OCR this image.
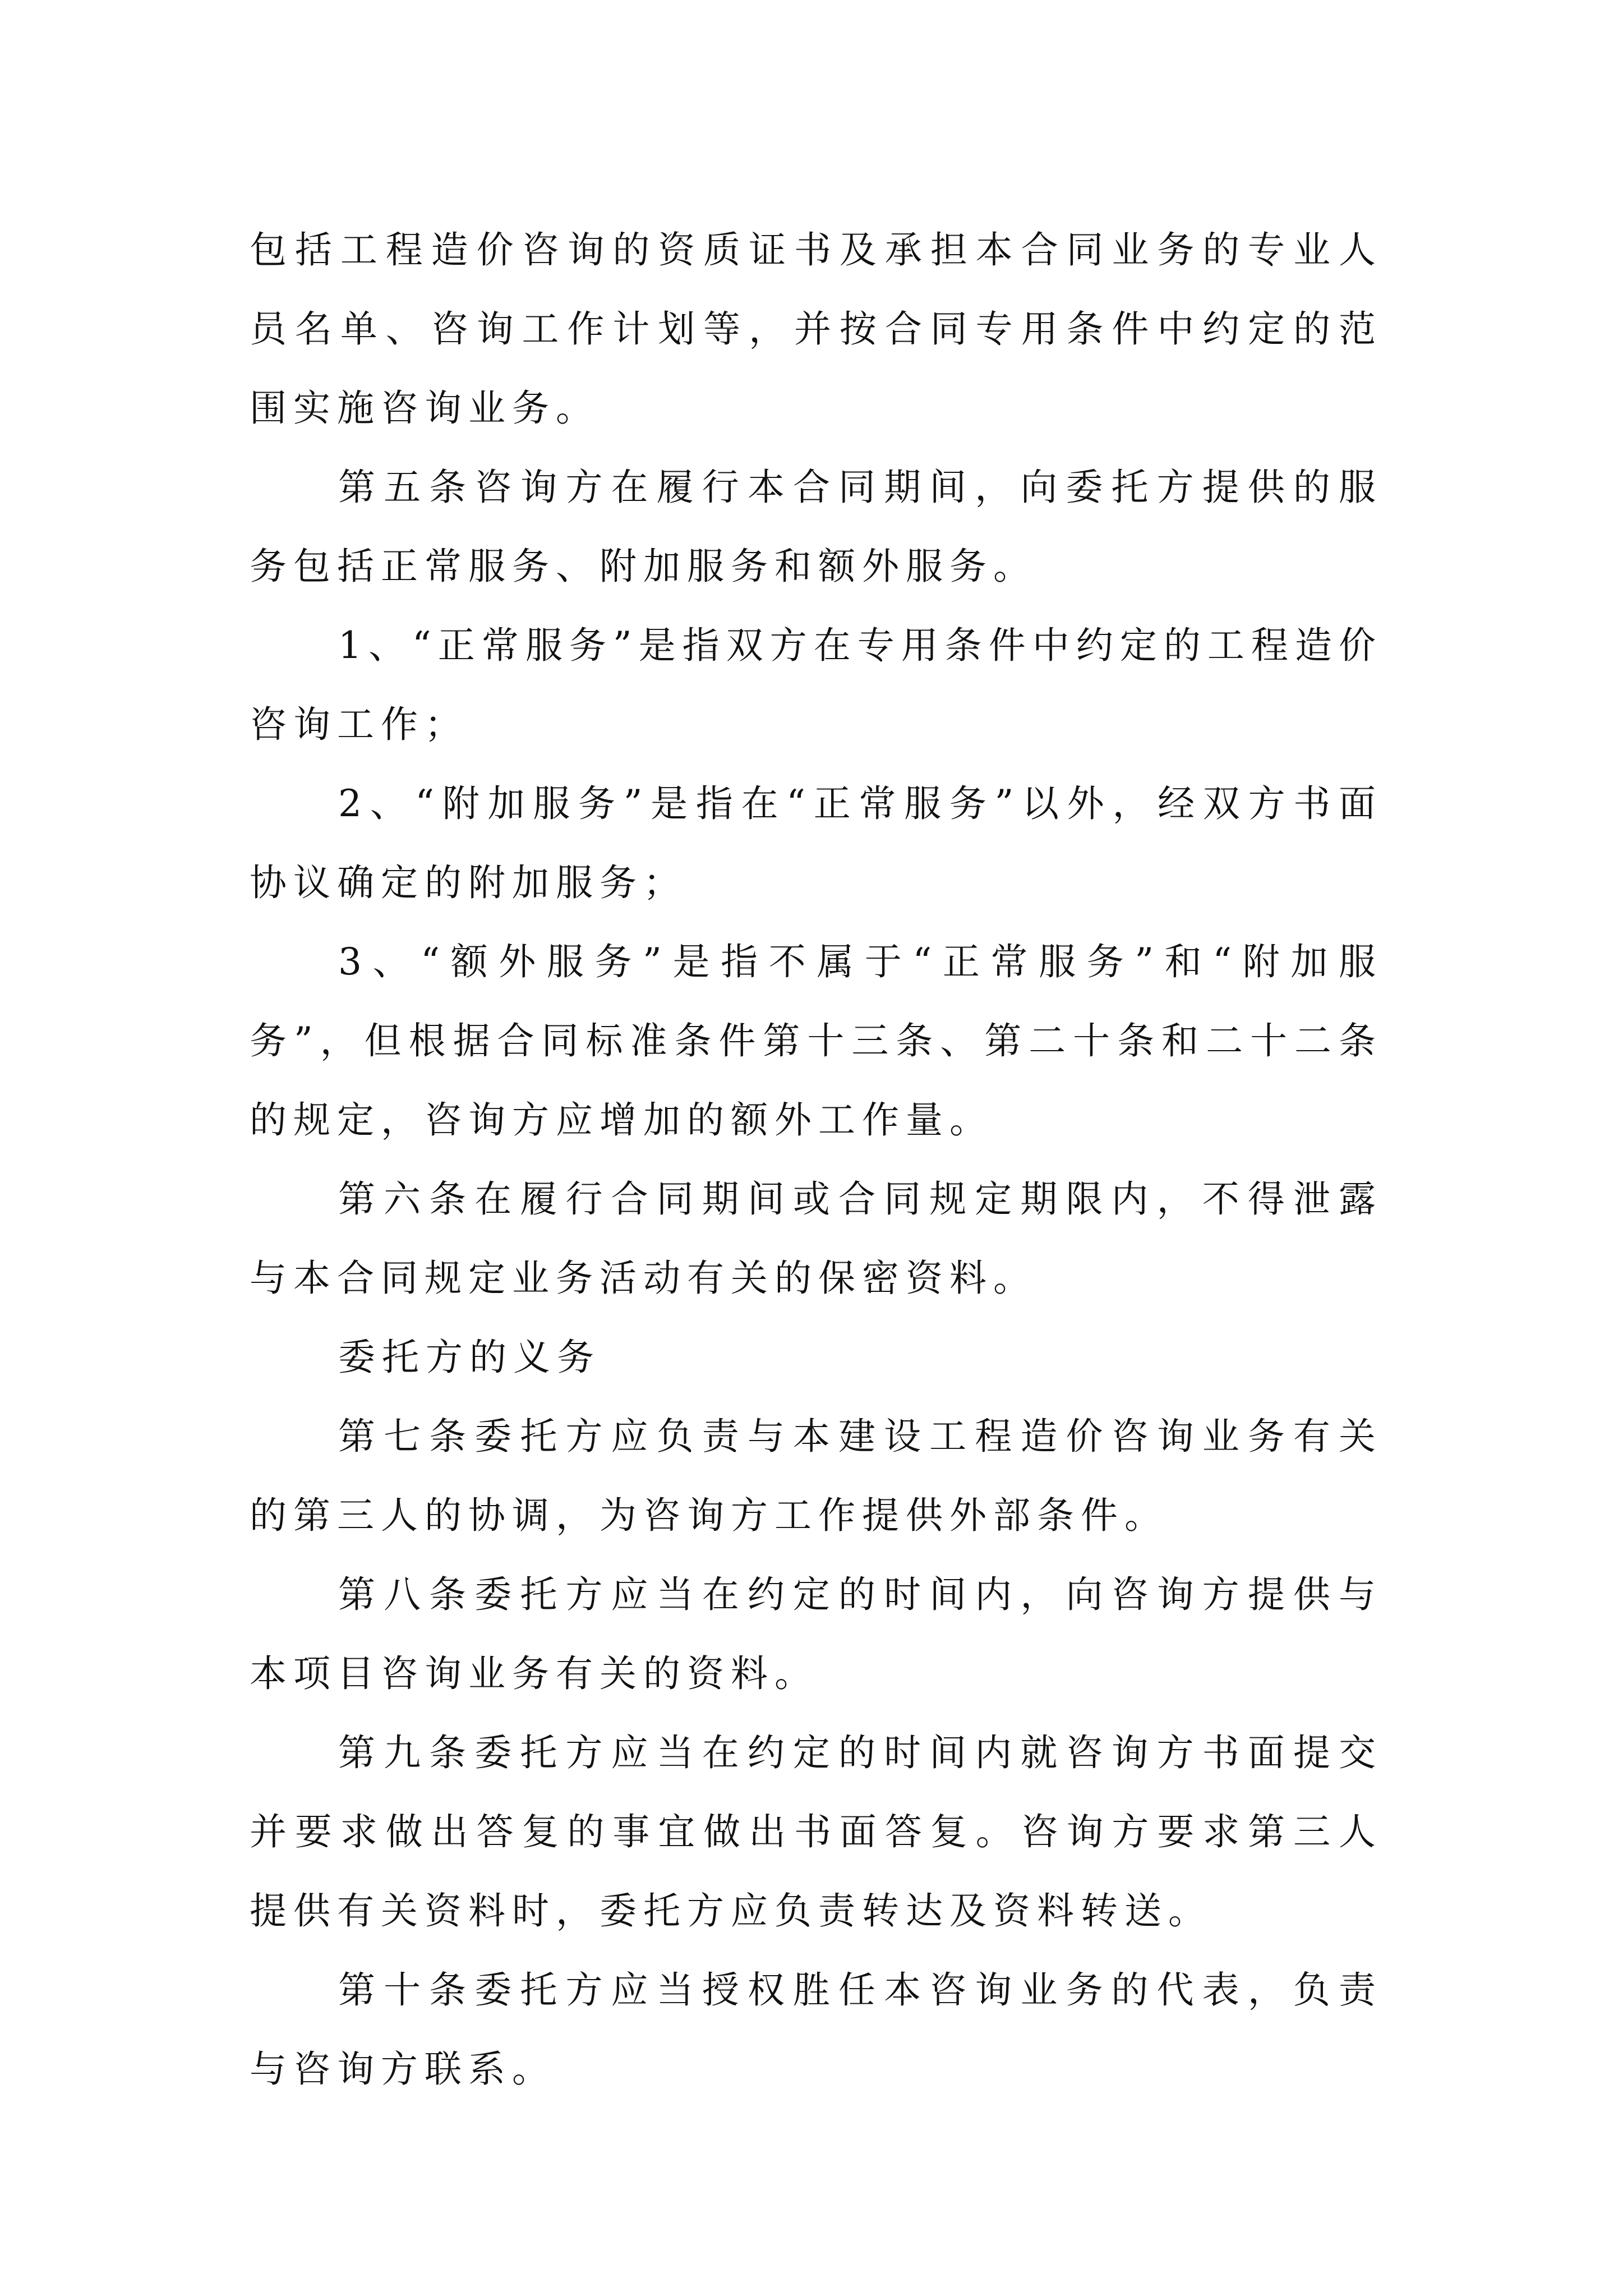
包括工程造价咨询的资质证书及承担本合同业务的专业人员名单、咨询工作计划等，并按合同专用条件中约定的范围实施咨询业务。

第五条咨询方在履行本合同期间，向委托方提供的服务包括正常服务、附加服务和额外服务。

1、“正常服务”是指双方在专用条件中约定的工程造价咨询工作；

2、“附加服务”是指在“正常服务”以外，经双方书面协议确定的附加服务；

3、“额外服务”是指不属于“正常服务”和“附加服务”，但根据合同标准条件第十三条、第二十条和二十二条的规定，咨询方应增加的额外工作量。

第六条在履行合同期间或合同规定期限内，不得泄露与本合同规定业务活动有关的保密资料。

委托方的义务

第七条委托方应负责与本建设工程造价咨询业务有关的第三人的协调，为咨询方工作提供外部条件。

第八条委托方应当在约定的时间内，向咨询方提供与本项目咨询业务有关的资料。

第九条委托方应当在约定的时间内就咨询方书面提交并要求做出答复的事宜做出书面答复。咨询方要求第三人提供有关资料时，委托方应负责转达及资料转送。

第十条委托方应当授权胜任本咨询业务的代表，负责与咨询方联系。
